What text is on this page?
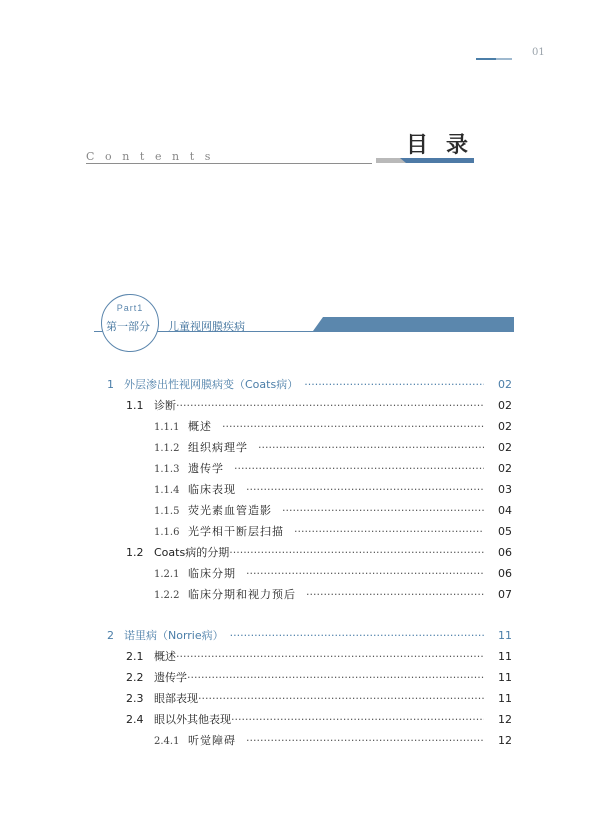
01
目录
Contents
Part1
第一部分 儿童视网膜疾病
1 外层渗出性视网膜病变（Coats病） ·····	02
1.1 诊断 ·····	02
1.1.1 概述 ·····	02
1.1.2 组织病理学 ·····	02
1.1.3 遗传学 ·····	02
1.1.4 临床表现 ·····	03
1.1.5 荧光素血管造影 ·····	04
1.1.6 光学相干断层扫描 ·····	05
1.2 Coats病的分期 ·····	06
1.2.1 临床分期 ·····	06
1.2.2 临床分期和视力预后 ·····	07
2 诺里病（Norrie病） ·····	11
2.1 概述 ·····	11
2.2 遗传学 ·····	11
2.3 眼部表现 ·····	11
2.4 眼以外其他表现 ·····	12
2.4.1 听觉障碍 ·····	12
